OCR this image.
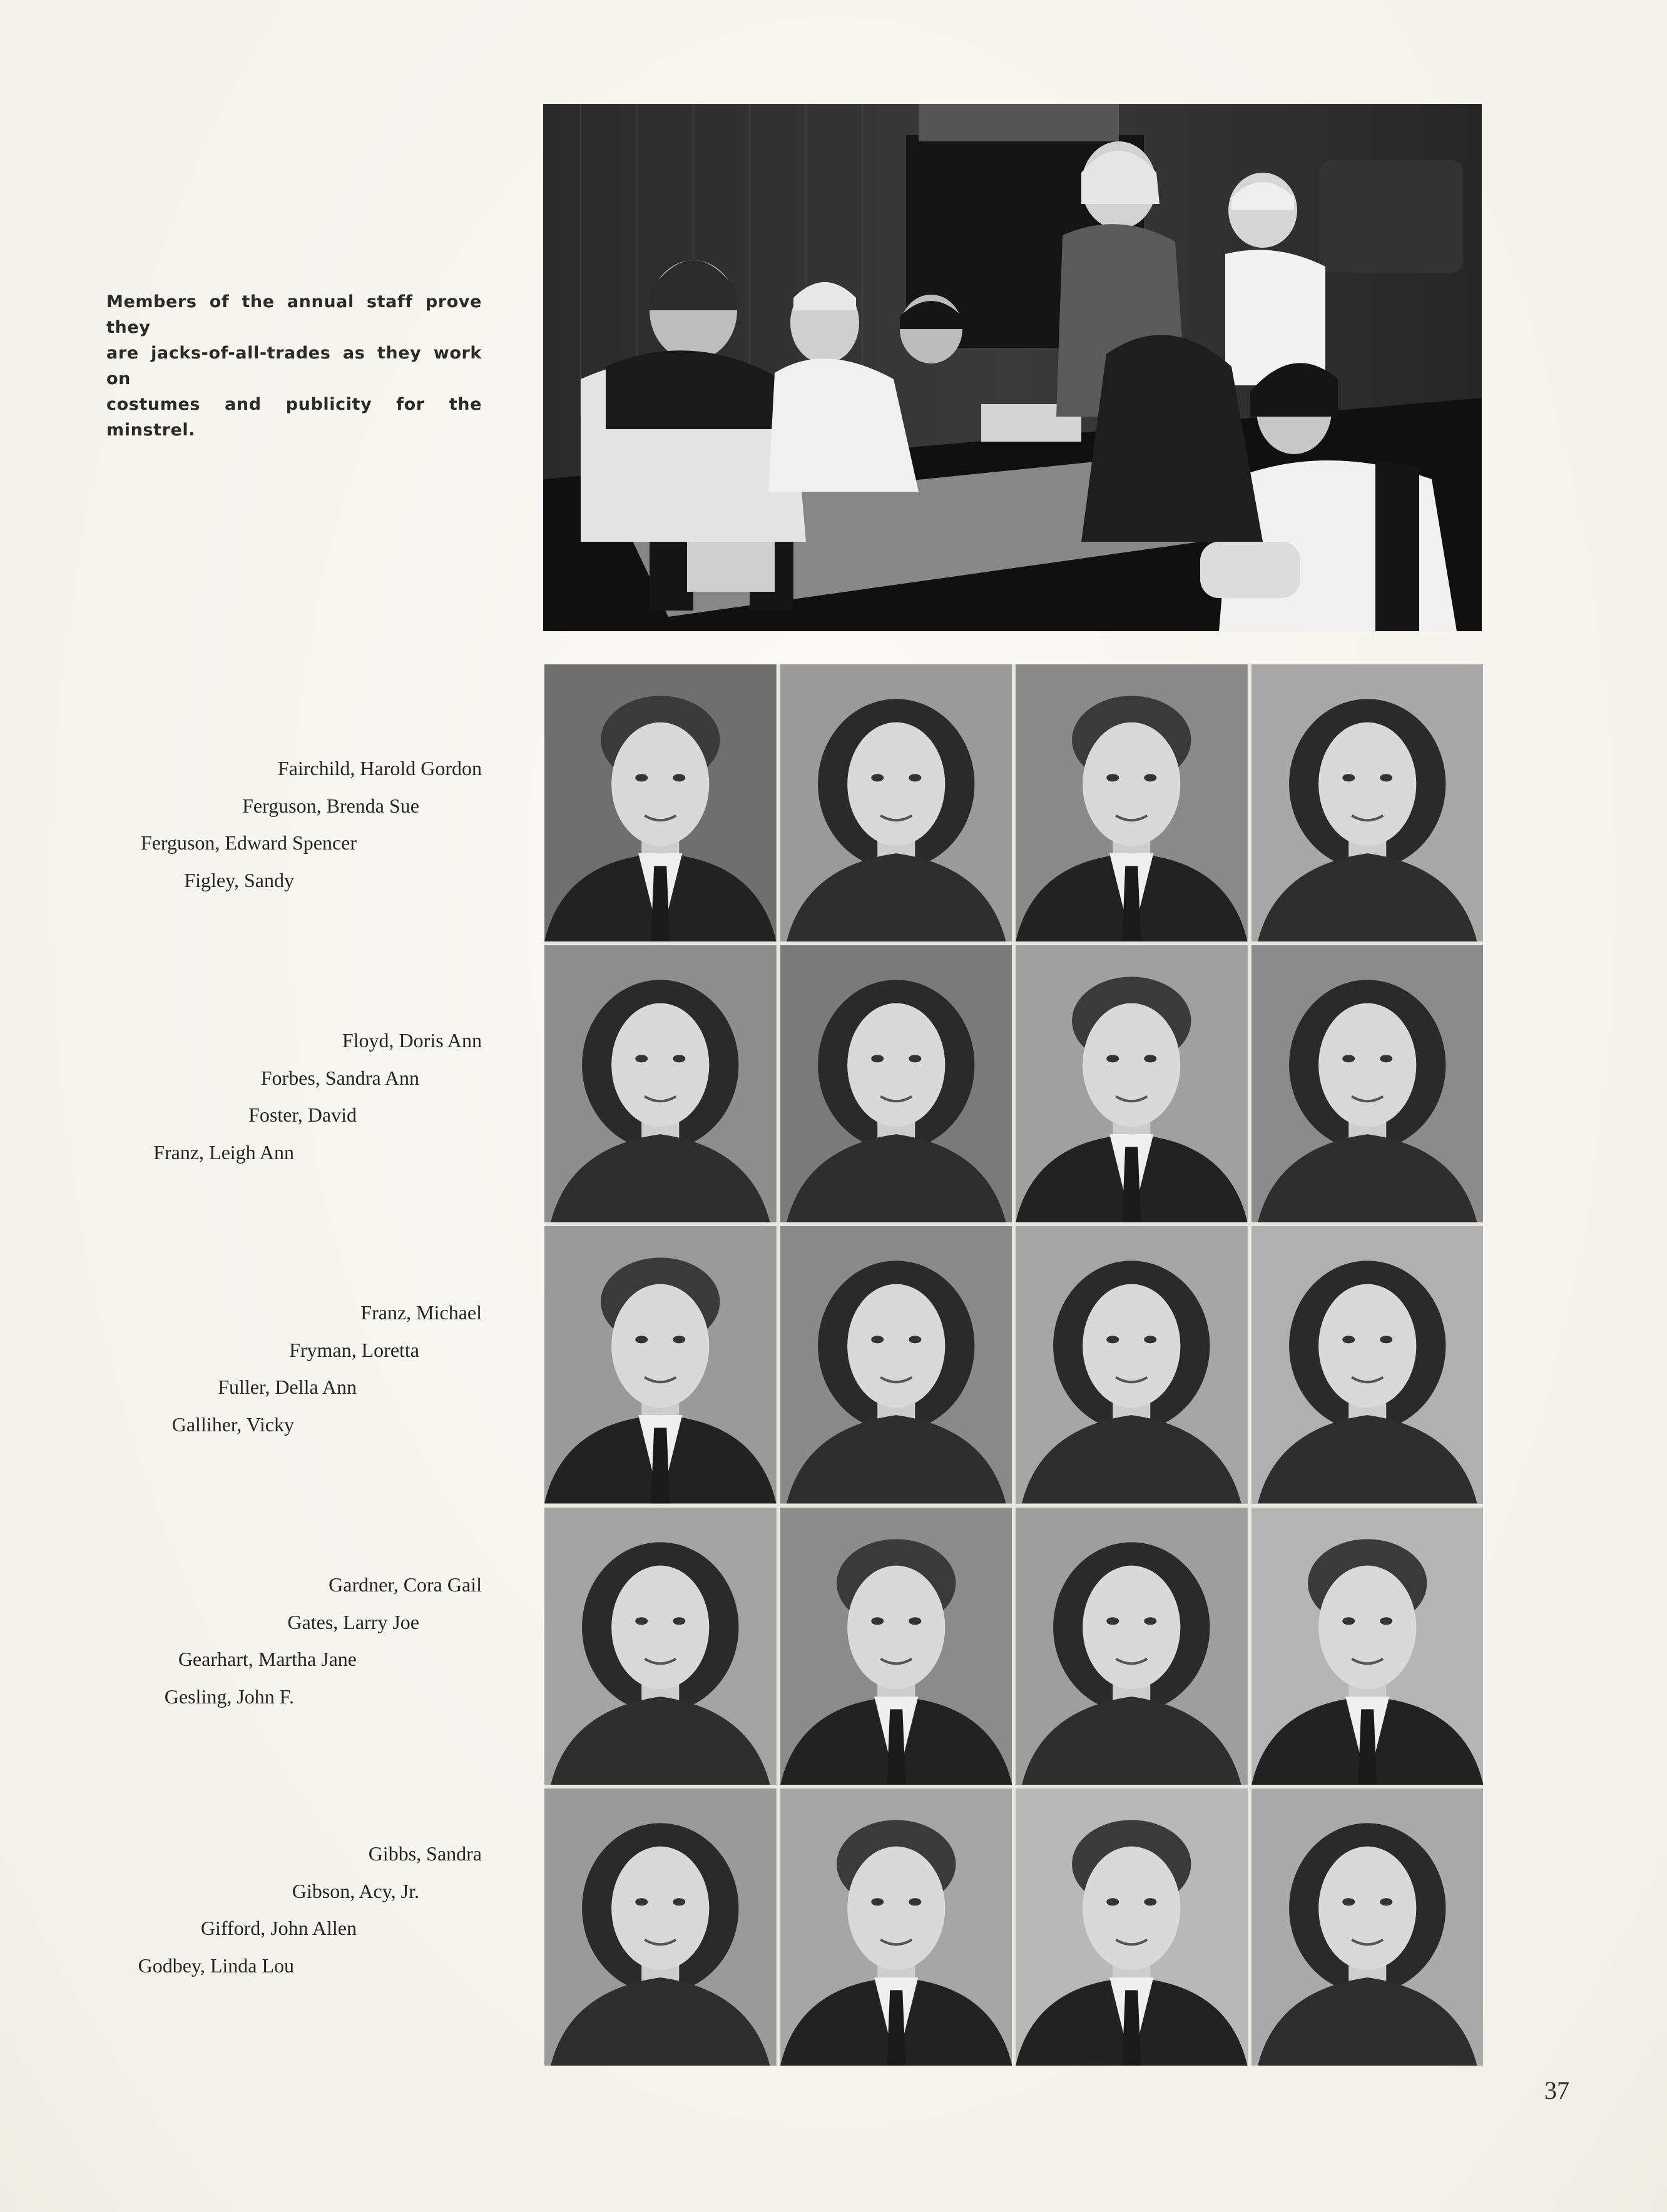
Members of the annual staff prove they
are jacks-of-all-trades as they work on
costumes and publicity for the minstrel.
Fairchild, Harold Gordon
Ferguson, Brenda Sue
Ferguson, Edward Spencer
Figley, Sandy
Floyd, Doris Ann
Forbes, Sandra Ann
Foster, David
Franz, Leigh Ann
Franz, Michael
Fryman, Loretta
Fuller, Della Ann
Galliher, Vicky
Gardner, Cora Gail
Gates, Larry Joe
Gearhart, Martha Jane
Gesling, John F.
Gibbs, Sandra
Gibson, Acy, Jr.
Gifford, John Allen
Godbey, Linda Lou
37
